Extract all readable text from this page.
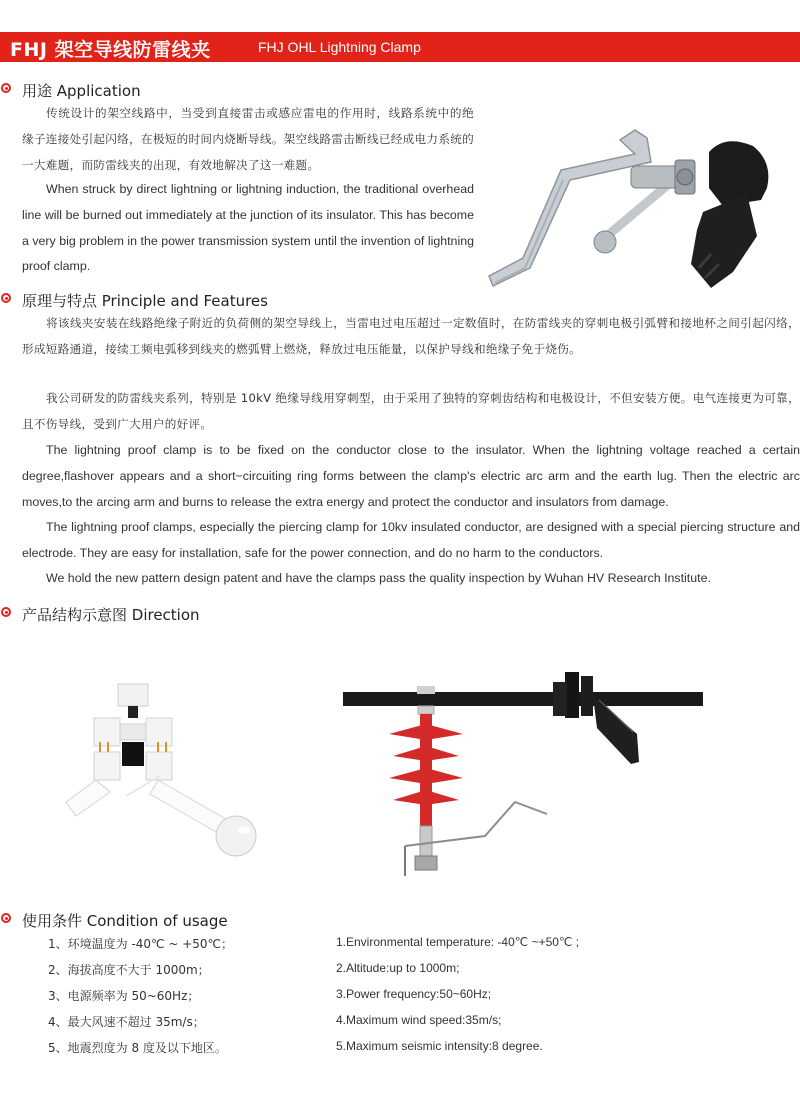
FHJ 架空导线防雷线夹	FHJ OHL Lightning Clamp
用途 Application

传统设计的架空线路中，当受到直接雷击或感应雷电的作用时，线路系统中的绝缘子连接处引起闪络，在极短的时间内烧断导线。架空线路雷击断线已经成电力系统的一大难题，而防雷线夹的出现，有效地解决了这一难题。

When struck by direct lightning or lightning induction, the traditional overhead line will be burned out immediately at the junction of its insulator. This has become a very big problem in the power transmission system until the invention of lightning proof clamp.

原理与特点 Principle and Features

将该线夹安装在线路绝缘子附近的负荷侧的架空导线上，当雷电过电压超过一定数值时，在防雷线夹的穿刺电极引弧臂和接地杯之间引起闪络，形成短路通道，接续工频电弧移到线夹的燃弧臂上燃烧，释放过电压能量，以保护导线和绝缘子免于烧伤。

我公司研发的防雷线夹系列，特别是 10kV 绝缘导线用穿刺型，由于采用了独特的穿刺齿结构和电极设计，不但安装方便。电气连接更为可靠，且不伤导线，受到广大用户的好评。

The lightning proof clamp is to be fixed on the conductor close to the insulator. When the lightning voltage reached a certain degree,flashover appears and a short−circuiting ring forms between the clamp's electric arc arm and the earth lug. Then the electric arc moves,to the arcing arm and burns to release the extra energy and protect the conductor and insulators from damage.

The lightning proof clamps, especially the piercing clamp for 10kv insulated conductor, are designed with a special piercing structure and electrode. They are easy for installation, safe for the power connection, and do no harm to the conductors.

We hold the new pattern design patent and have the clamps pass the quality inspection by Wuhan HV Research Institute.

产品结构示意图 Direction
使用条件 Condition of usage
1、环境温度为 -40℃ ~ +50℃；
2、海拔高度不大于 1000m；
3、电源频率为 50~60Hz；
4、最大风速不超过 35m/s；
5、地震烈度为 8 度及以下地区。
1.Environmental temperature: -40℃ ~+50℃ ;
2.Altitude:up to 1000m;
3.Power frequency:50~60Hz;
4.Maximum wind speed:35m/s;
5.Maximum seismic intensity:8 degree.
